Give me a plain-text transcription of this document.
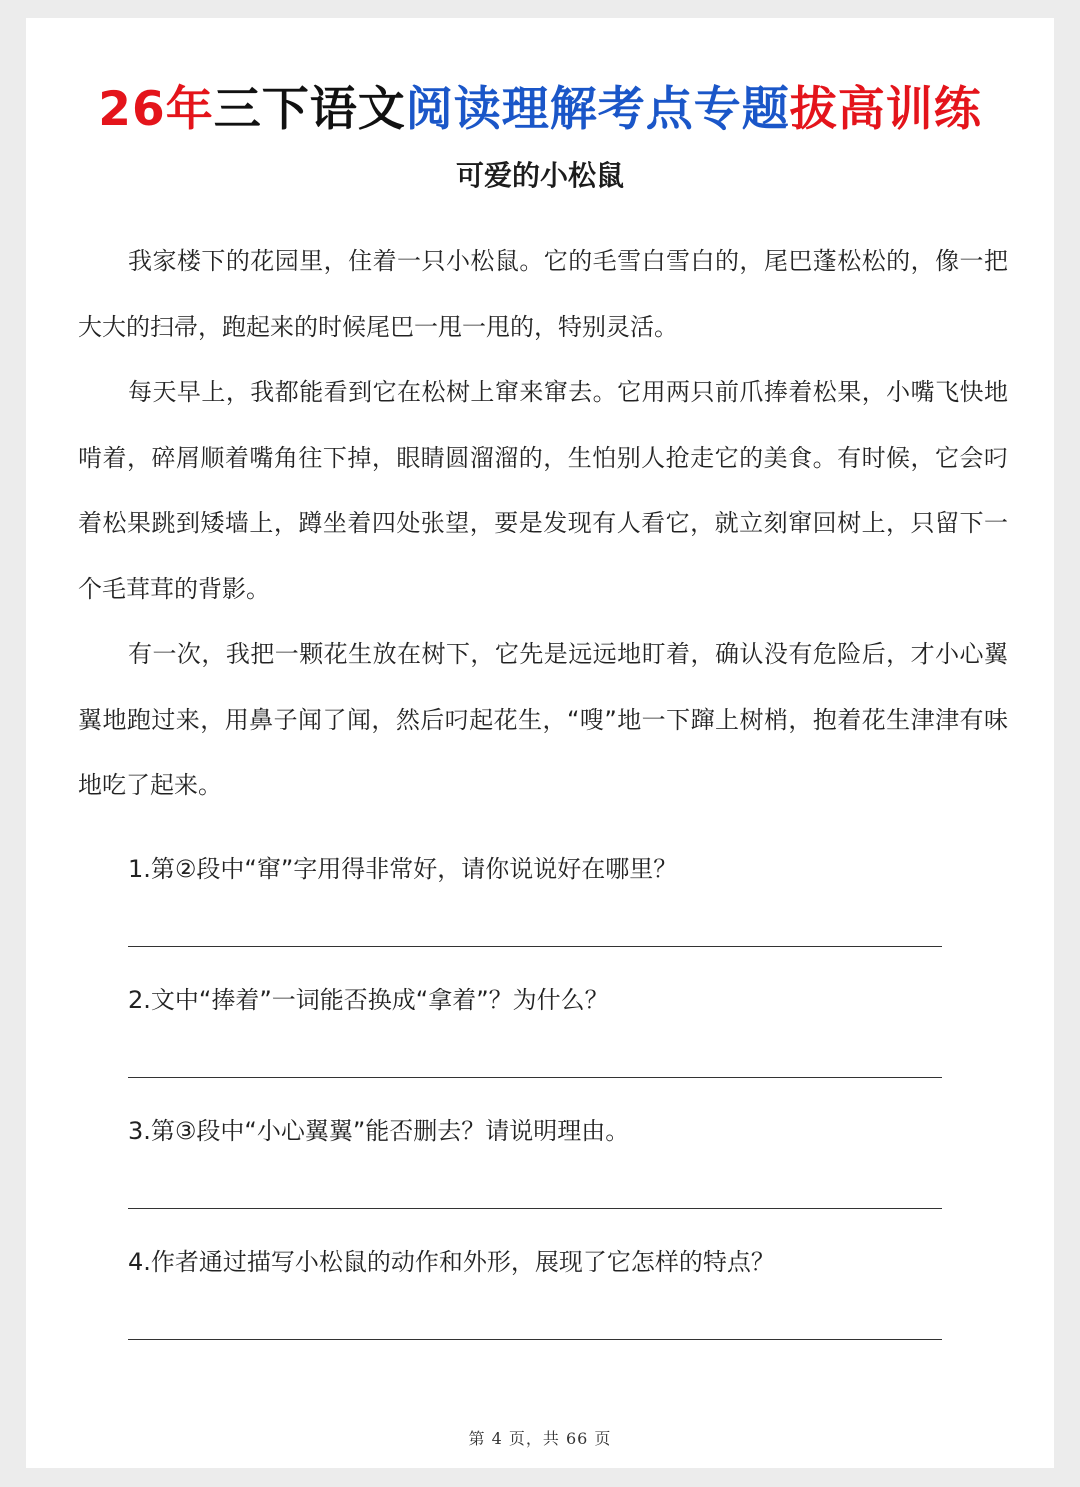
26年三下语文阅读理解考点专题拔高训练
可爱的小松鼠

我家楼下的花园里，住着一只小松鼠。它的毛雪白雪白的，尾巴蓬松松的，像一把大大的扫帚，跑起来的时候尾巴一甩一甩的，特别灵活。

每天早上，我都能看到它在松树上窜来窜去。它用两只前爪捧着松果，小嘴飞快地啃着，碎屑顺着嘴角往下掉，眼睛圆溜溜的，生怕别人抢走它的美食。有时候，它会叼着松果跳到矮墙上，蹲坐着四处张望，要是发现有人看它，就立刻窜回树上，只留下一个毛茸茸的背影。

有一次，我把一颗花生放在树下，它先是远远地盯着，确认没有危险后，才小心翼翼地跑过来，用鼻子闻了闻，然后叼起花生，“嗖”地一下蹿上树梢，抱着花生津津有味地吃了起来。

1.第②段中“窜”字用得非常好，请你说说好在哪里？

2.文中“捧着”一词能否换成“拿着”？为什么？

3.第③段中“小心翼翼”能否删去？请说明理由。

4.作者通过描写小松鼠的动作和外形，展现了它怎样的特点？

第 4 页，共 66 页
